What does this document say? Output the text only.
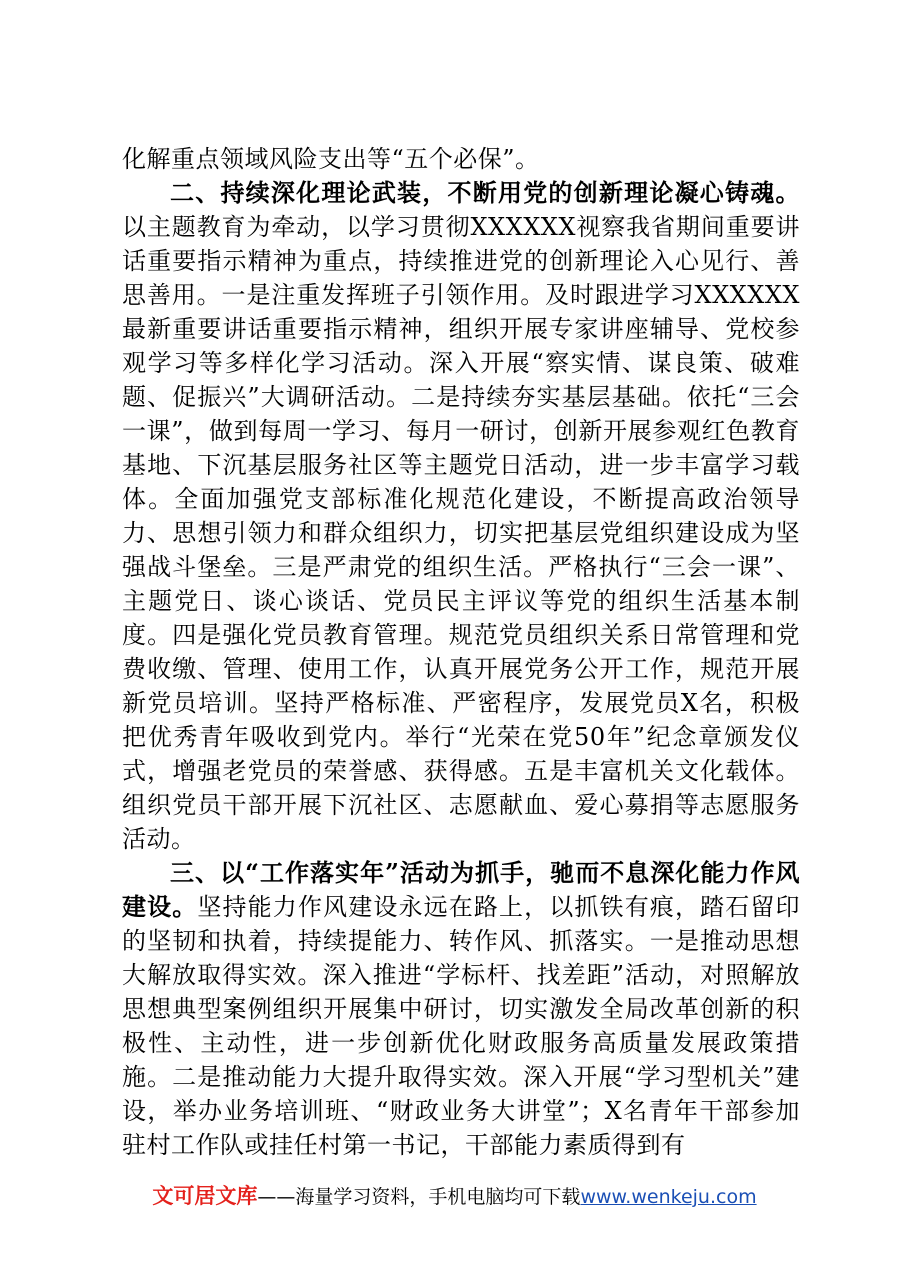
化解重点领域风险支出等“五个必保”。

二、持续深化理论武装，不断用党的创新理论凝心铸魂。以主题教育为牵动，以学习贯彻XXXXXX视察我省期间重要讲话重要指示精神为重点，持续推进党的创新理论入心见行、善思善用。一是注重发挥班子引领作用。及时跟进学习XXXXXX最新重要讲话重要指示精神，组织开展专家讲座辅导、党校参观学习等多样化学习活动。深入开展“察实情、谋良策、破难题、促振兴”大调研活动。二是持续夯实基层基础。依托“三会一课”，做到每周一学习、每月一研讨，创新开展参观红色教育基地、下沉基层服务社区等主题党日活动，进一步丰富学习载体。全面加强党支部标准化规范化建设，不断提高政治领导力、思想引领力和群众组织力，切实把基层党组织建设成为坚强战斗堡垒。三是严肃党的组织生活。严格执行“三会一课”、主题党日、谈心谈话、党员民主评议等党的组织生活基本制度。四是强化党员教育管理。规范党员组织关系日常管理和党费收缴、管理、使用工作，认真开展党务公开工作，规范开展新党员培训。坚持严格标准、严密程序，发展党员X名，积极把优秀青年吸收到党内。举行“光荣在党50年”纪念章颁发仪式，增强老党员的荣誉感、获得感。五是丰富机关文化载体。组织党员干部开展下沉社区、志愿献血、爱心募捐等志愿服务活动。

三、以“工作落实年”活动为抓手，驰而不息深化能力作风建设。坚持能力作风建设永远在路上，以抓铁有痕，踏石留印的坚韧和执着，持续提能力、转作风、抓落实。一是推动思想大解放取得实效。深入推进“学标杆、找差距”活动，对照解放思想典型案例组织开展集中研讨，切实激发全局改革创新的积极性、主动性，进一步创新优化财政服务高质量发展政策措施。二是推动能力大提升取得实效。深入开展“学习型机关”建设，举办业务培训班、“财政业务大讲堂”；X名青年干部参加驻村工作队或挂任村第一书记，干部能力素质得到有

文可居文库——海量学习资料，手机电脑均可下载www.wenkeju.com
